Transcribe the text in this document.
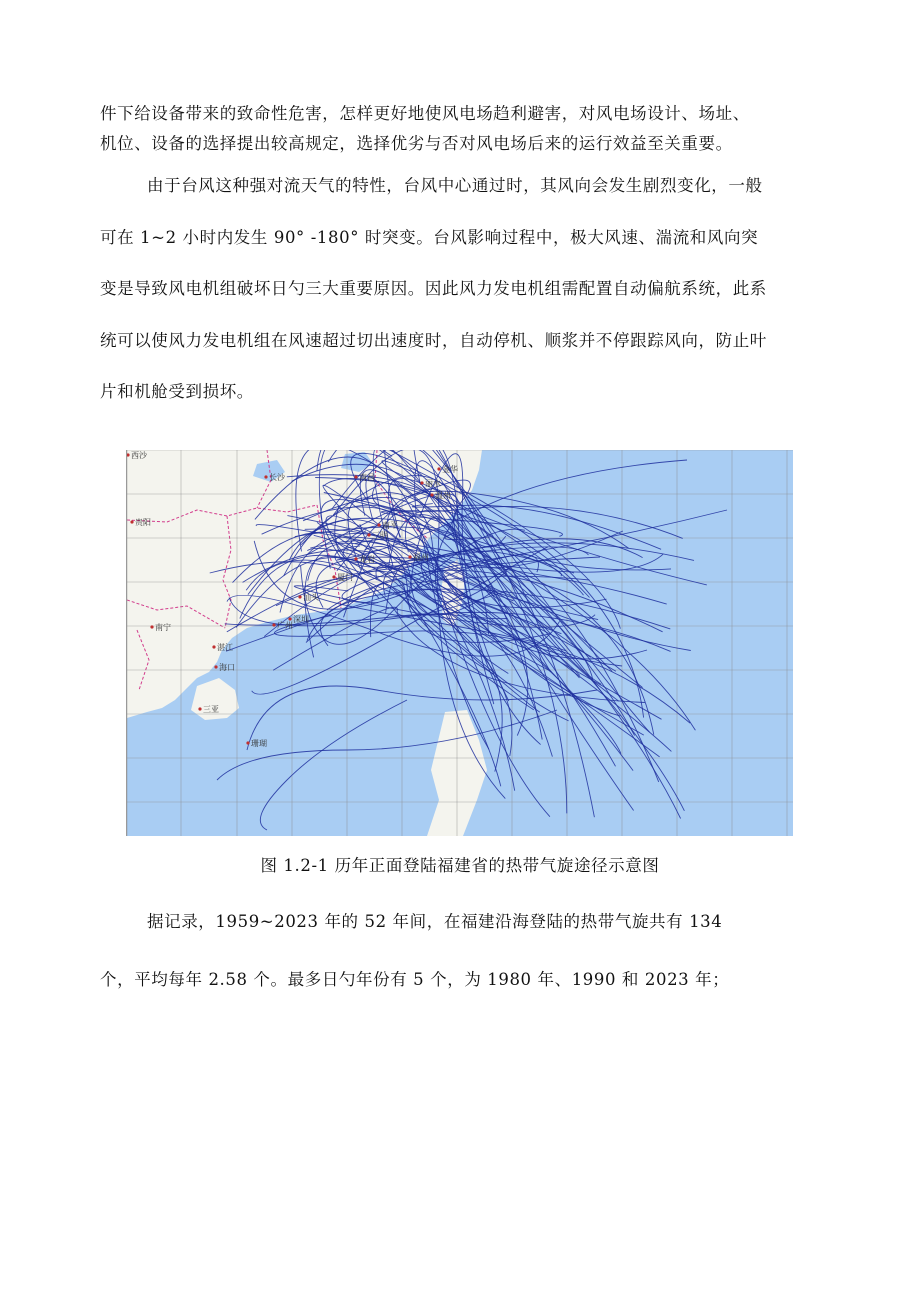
件下给设备带来的致命性危害，怎样更好地使风电场趋利避害，对风电场设计、场址、
机位、设备的选择提出较高规定，选择优劣与否对风电场后来的运行效益至关重要。
由于台风这种强对流天气的特性，台风中心通过时，其风向会发生剧烈变化，一般
可在 1~2 小时内发生 90° -180° 时突变。台风影响过程中，极大风速、湍流和风向突
变是导致风电机组破坏日勺三大重要原因。因此风力发电机组需配置自动偏航系统，此系
统可以使风力发电机组在风速超过切出速度时，自动停机、顺浆并不停跟踪风向，防止叶
片和机舱受到损坏。
金华
丽水
温州
南平
三明
福州
龙岩
厦门
汕头
广州
深圳
南宁
湛江
海口
三亚
长沙	南昌
贵阳
西沙
珊瑚
图 1.2-1 历年正面登陆福建省的热带气旋途径示意图
据记录，1959~2023 年的 52 年间，在福建沿海登陆的热带气旋共有 134
个，平均每年 2.58 个。最多日勺年份有 5 个，为 1980 年、1990 和 2023 年；
